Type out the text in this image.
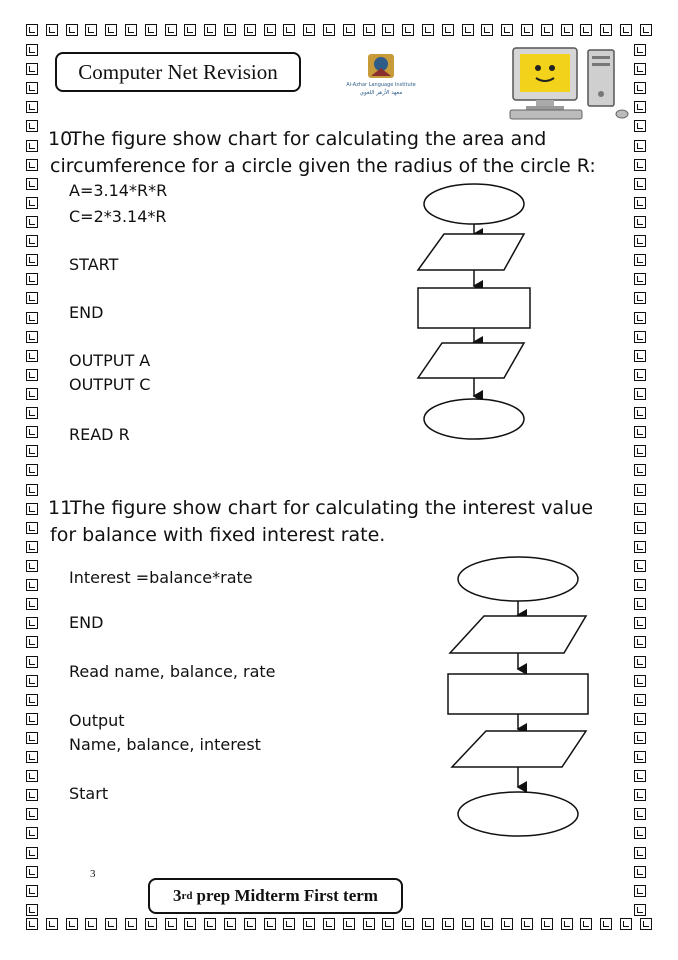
Computer Net Revision
Al-Azhar Language Institute
معهد الأزهر اللغوي
10.
The figure show chart for calculating the area and circumference for a circle given the radius of the circle R:
A=3.14*R*R
C=2*3.14*R
START
END
OUTPUT A
OUTPUT C
READ R
11.
The figure show chart for calculating the interest value for balance with fixed interest rate.
Interest =balance*rate
END
Read name, balance, rate
Output
Name, balance, interest
Start
3
3 rd prep Midterm First term
